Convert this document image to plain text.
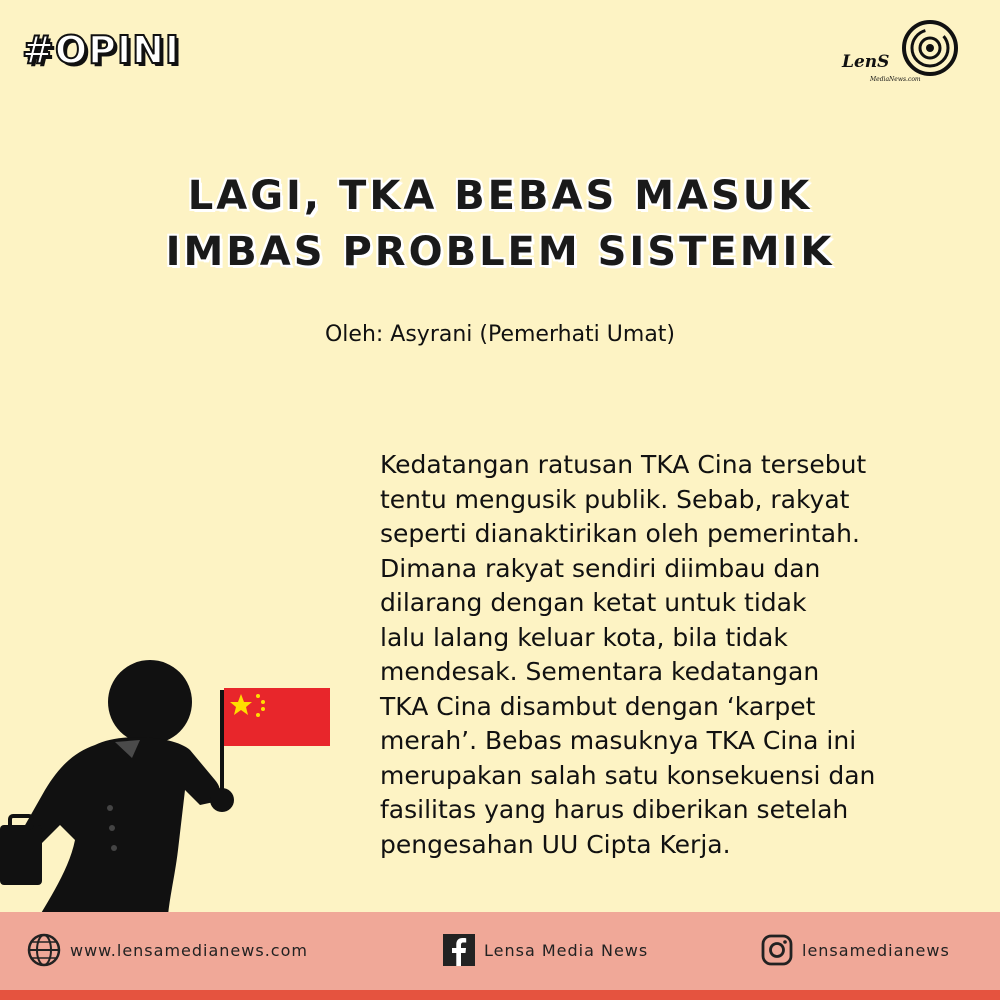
#OPINI	LenS
MediaNews.com
LAGI, TKA BEBAS MASUK
IMBAS PROBLEM SISTEMIK
Oleh: Asyrani (Pemerhati Umat)
Kedatangan ratusan TKA Cina tersebut
tentu mengusik publik. Sebab, rakyat
seperti dianaktirikan oleh pemerintah.
Dimana rakyat sendiri diimbau dan
dilarang dengan ketat untuk tidak
lalu lalang keluar kota, bila tidak
mendesak. Sementara kedatangan
TKA Cina disambut dengan ‘karpet
merah’. Bebas masuknya TKA Cina ini
merupakan salah satu konsekuensi dan
fasilitas yang harus diberikan setelah
pengesahan UU Cipta Kerja.
www.lensamedianews.com	Lensa Media News	lensamedianews
